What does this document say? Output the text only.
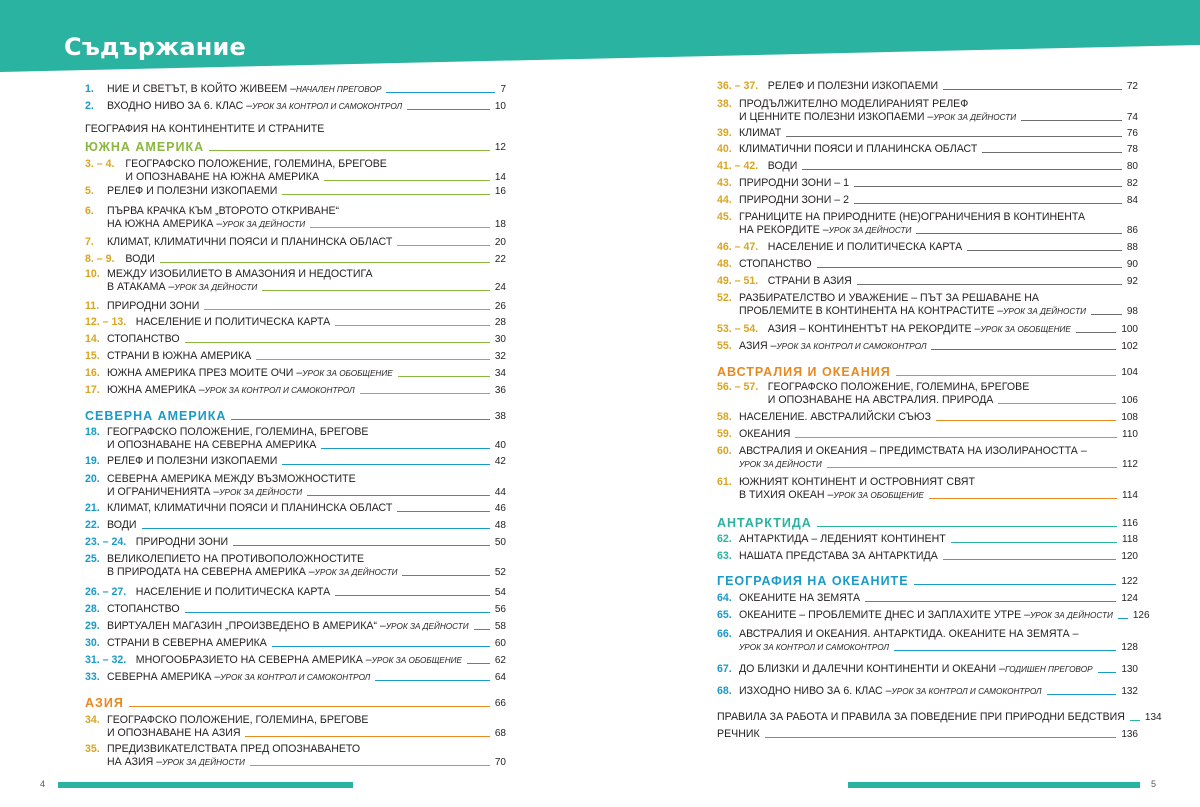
Съдържание
1.	НИЕ И СВЕТЪТ, В КОЙТО ЖИВЕЕМ – НАЧАЛЕН ПРЕГОВОР	7
2.	ВХОДНО НИВО ЗА 6. КЛАС – УРОК ЗА КОНТРОЛ И САМОКОНТРОЛ	10
ГЕОГРАФИЯ НА КОНТИНЕНТИТЕ И СТРАНИТЕ
ЮЖНА АМЕРИКА	12
3. – 4.	ГЕОГРАФСКО ПОЛОЖЕНИЕ, ГОЛЕМИНА, БРЕГОВЕ
И ОПОЗНАВАНЕ НА ЮЖНА АМЕРИКА	14
5.	РЕЛЕФ И ПОЛЕЗНИ ИЗКОПАЕМИ	16
6.	ПЪРВА КРАЧКА КЪМ „ВТОРОТО ОТКРИВАНЕ“
НА ЮЖНА АМЕРИКА – УРОК ЗА ДЕЙНОСТИ	18
7.	КЛИМАТ, КЛИМАТИЧНИ ПОЯСИ И ПЛАНИНСКА ОБЛАСТ	20
8. – 9.	ВОДИ	22
10. МЕЖДУ ИЗОБИЛИЕТО В АМАЗОНИЯ И НЕДОСТИГА
В АТАКАМА – УРОК ЗА ДЕЙНОСТИ	24
11. ПРИРОДНИ ЗОНИ	26
12. – 13. НАСЕЛЕНИЕ И ПОЛИТИЧЕСКА КАРТА	28
14. СТОПАНСТВО	30
15. СТРАНИ В ЮЖНА АМЕРИКА	32
16. ЮЖНА АМЕРИКА ПРЕЗ МОИТЕ ОЧИ – УРОК ЗА ОБОБЩЕНИЕ	34
17. ЮЖНА АМЕРИКА – УРОК ЗА КОНТРОЛ И САМОКОНТРОЛ	36
СЕВЕРНА АМЕРИКА	38
18. ГЕОГРАФСКО ПОЛОЖЕНИЕ, ГОЛЕМИНА, БРЕГОВЕ
И ОПОЗНАВАНЕ НА СЕВЕРНА АМЕРИКА	40
19. РЕЛЕФ И ПОЛЕЗНИ ИЗКОПАЕМИ	42
20. СЕВЕРНА АМЕРИКА МЕЖДУ ВЪЗМОЖНОСТИТЕ
И ОГРАНИЧЕНИЯТА – УРОК ЗА ДЕЙНОСТИ	44
21. КЛИМАТ, КЛИМАТИЧНИ ПОЯСИ И ПЛАНИНСКА ОБЛАСТ	46
22. ВОДИ	48
23. – 24. ПРИРОДНИ ЗОНИ	50
25. ВЕЛИКОЛЕПИЕТО НА ПРОТИВОПОЛОЖНОСТИТЕ
В ПРИРОДАТА НА СЕВЕРНА АМЕРИКА – УРОК ЗА ДЕЙНОСТИ	52
26. – 27. НАСЕЛЕНИЕ И ПОЛИТИЧЕСКА КАРТА	54
28. СТОПАНСТВО	56
29. ВИРТУАЛЕН МАГАЗИН „ПРОИЗВЕДЕНО В АМЕРИКА“ – УРОК ЗА ДЕЙНОСТИ	58
30. СТРАНИ В СЕВЕРНА АМЕРИКА	60
31. – 32. МНОГООБРАЗИЕТО НА СЕВЕРНА АМЕРИКА – УРОК ЗА ОБОБЩЕНИЕ	62
33. СЕВЕРНА АМЕРИКА – УРОК ЗА КОНТРОЛ И САМОКОНТРОЛ	64
АЗИЯ	66
34. ГЕОГРАФСКО ПОЛОЖЕНИЕ, ГОЛЕМИНА, БРЕГОВЕ
И ОПОЗНАВАНЕ НА АЗИЯ	68
35. ПРЕДИЗВИКАТЕЛСТВАТА ПРЕД ОПОЗНАВАНЕТО
НА АЗИЯ – УРОК ЗА ДЕЙНОСТИ	70
36. – 37. РЕЛЕФ И ПОЛЕЗНИ ИЗКОПАЕМИ	72
38. ПРОДЪЛЖИТЕЛНО МОДЕЛИРАНИЯТ РЕЛЕФ
И ЦЕННИТЕ ПОЛЕЗНИ ИЗКОПАЕМИ – УРОК ЗА ДЕЙНОСТИ	74
39. КЛИМАТ	76
40. КЛИМАТИЧНИ ПОЯСИ И ПЛАНИНСКА ОБЛАСТ	78
41. – 42. ВОДИ	80
43. ПРИРОДНИ ЗОНИ – 1	82
44. ПРИРОДНИ ЗОНИ – 2	84
45. ГРАНИЦИТЕ НА ПРИРОДНИТЕ (НЕ)ОГРАНИЧЕНИЯ В КОНТИНЕНТА
НА РЕКОРДИТЕ – УРОК ЗА ДЕЙНОСТИ	86
46. – 47. НАСЕЛЕНИЕ И ПОЛИТИЧЕСКА КАРТА	88
48. СТОПАНСТВО	90
49. – 51. СТРАНИ В АЗИЯ	92
52. РАЗБИРАТЕЛСТВО И УВАЖЕНИЕ – ПЪТ ЗА РЕШАВАНЕ НА
ПРОБЛЕМИТЕ В КОНТИНЕНТА НА КОНТРАСТИТЕ – УРОК ЗА ДЕЙНОСТИ	98
53. – 54. АЗИЯ – КОНТИНЕНТЪТ НА РЕКОРДИТЕ – УРОК ЗА ОБОБЩЕНИЕ	100
55. АЗИЯ – УРОК ЗА КОНТРОЛ И САМОКОНТРОЛ	102
АВСТРАЛИЯ И ОКЕАНИЯ	104
56. – 57. ГЕОГРАФСКО ПОЛОЖЕНИЕ, ГОЛЕМИНА, БРЕГОВЕ
И ОПОЗНАВАНЕ НА АВСТРАЛИЯ. ПРИРОДА	106
58. НАСЕЛЕНИЕ. АВСТРАЛИЙСКИ СЪЮЗ	108
59. ОКЕАНИЯ	110
60. АВСТРАЛИЯ И ОКЕАНИЯ – ПРЕДИМСТВАТА НА ИЗОЛИРАНОСТТА –
УРОК ЗА ДЕЙНОСТИ	112
61. ЮЖНИЯТ КОНТИНЕНТ И ОСТРОВНИЯТ СВЯТ
В ТИХИЯ ОКЕАН – УРОК ЗА ОБОБЩЕНИЕ	114
АНТАРКТИДА	116
62. АНТАРКТИДА – ЛЕДЕНИЯТ КОНТИНЕНТ	118
63. НАШАТА ПРЕДСТАВА ЗА АНТАРКТИДА	120
ГЕОГРАФИЯ НА ОКЕАНИТЕ	122
64. ОКЕАНИТЕ НА ЗЕМЯТА	124
65. ОКЕАНИТЕ – ПРОБЛЕМИТЕ ДНЕС И ЗАПЛАХИТЕ УТРЕ – УРОК ЗА ДЕЙНОСТИ 126
66. АВСТРАЛИЯ И ОКЕАНИЯ. АНТАРКТИДА. ОКЕАНИТЕ НА ЗЕМЯТА –
УРОК ЗА КОНТРОЛ И САМОКОНТРОЛ	128
67. ДО БЛИЗКИ И ДАЛЕЧНИ КОНТИНЕНТИ И ОКЕАНИ – ГОДИШЕН ПРЕГОВОР	130
68. ИЗХОДНО НИВО ЗА 6. КЛАС – УРОК ЗА КОНТРОЛ И САМОКОНТРОЛ	132
ПРАВИЛА ЗА РАБОТА И ПРАВИЛА ЗА ПОВЕДЕНИЕ ПРИ ПРИРОДНИ БЕДСТВИЯ 134
РЕЧНИК	136
4	5
